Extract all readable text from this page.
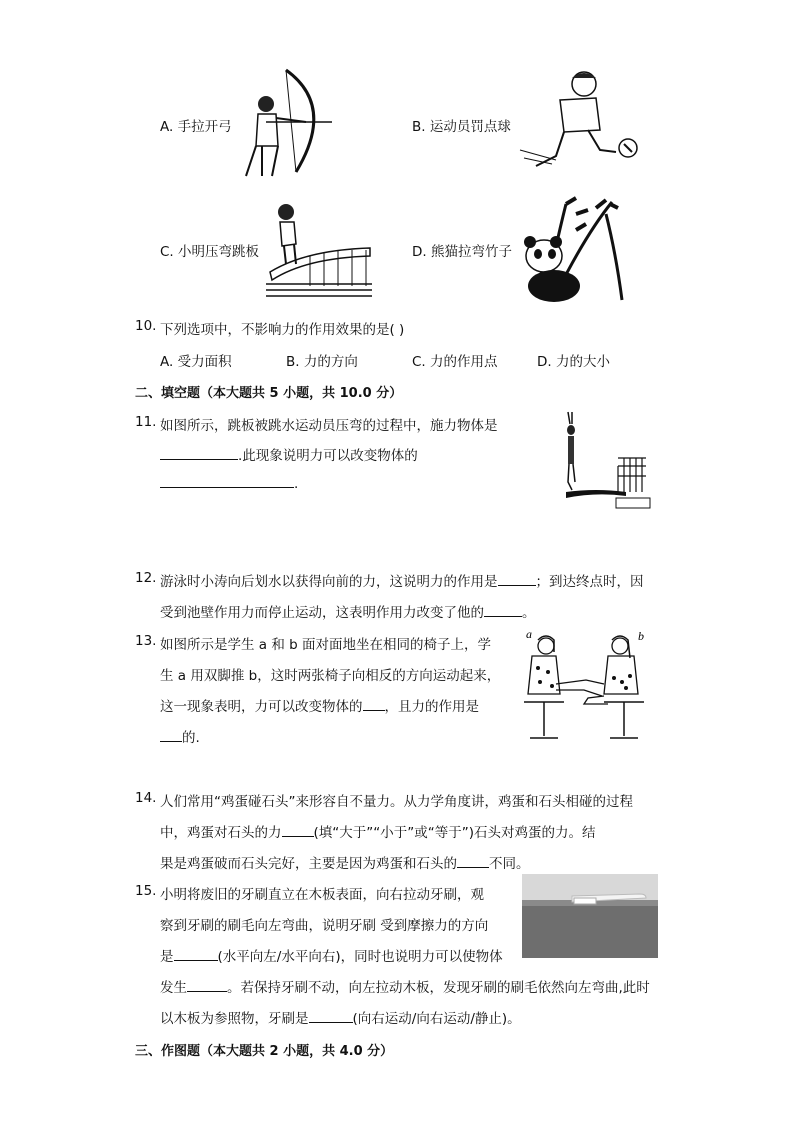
A. 手拉开弓	B. 运动员罚点球
C. 小明压弯跳板	D. 熊猫拉弯竹子
10. 下列选项中，不影响力的作用效果的是( )
A. 受力面积	B. 力的方向	C. 力的作用点	D. 力的大小
二、填空题（本大题共 5 小题，共 10.0 分）
11. 如图所示，跳板被跳水运动员压弯的过程中，施力物体是
.此现象说明力可以改变物体的
.
12. 游泳时小涛向后划水以获得向前的力，这说明力的作用是	；到达终点时，因
受到池壁作用力而停止运动，这表明作用力改变了他的	。
13. 如图所示是学生 a 和 b 面对面地坐在相同的椅子上，学
生 a 用双脚推 b，这时两张椅子向相反的方向运动起来，
这一现象表明，力可以改变物体的 ，且力的作用是
的.
a	b
14. 人们常用“鸡蛋碰石头”来形容自不量力。从力学角度讲，鸡蛋和石头相碰的过程
中，鸡蛋对石头的力 (填“大于”“小于”或“等于”)石头对鸡蛋的力。结
果是鸡蛋破而石头完好，主要是因为鸡蛋和石头的 不同。
15. 小明将废旧的牙刷直立在木板表面，向右拉动牙刷，观
察到牙刷的刷毛向左弯曲，说明牙刷 受到摩擦力的方向
是	(水平向左/水平向右)，同时也说明力可以使物体
发生	。若保持牙刷不动，向左拉动木板，发现牙刷的刷毛依然向左弯曲,此时
以木板为参照物，牙刷是	(向右运动/向右运动/静止)。
三、作图题（本大题共 2 小题，共 4.0 分）
